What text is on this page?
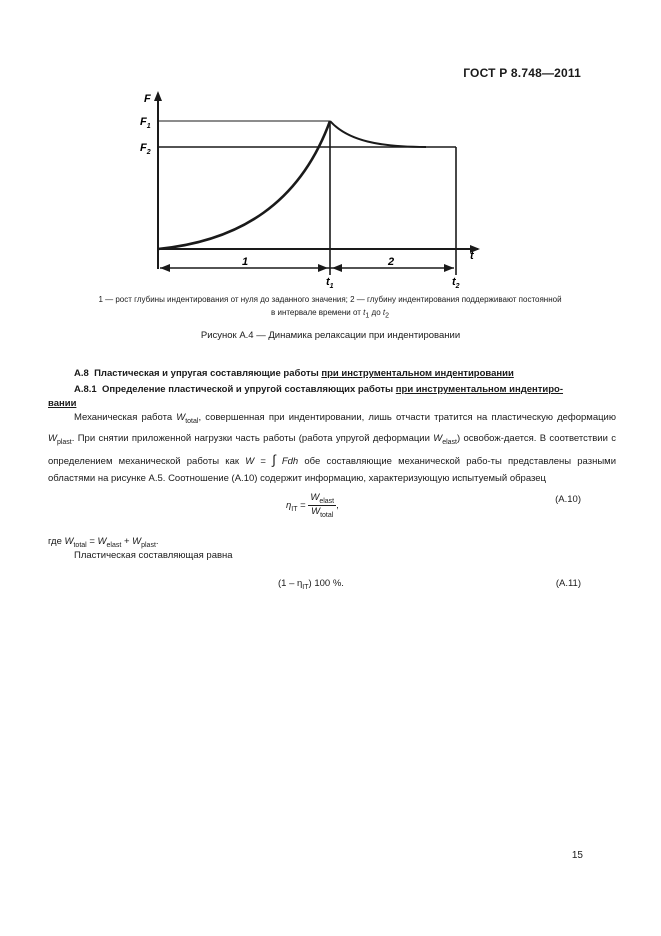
ГОСТ Р 8.748—2011
F
$F_1$
$F_2$
t
1	2
$t_1$	$t_2$
1 — рост глубины индентирования от нуля до заданного значения; 2 — глубину индентирования поддерживают постоянной
в интервале времени от $t_1$ до $t_2$
Рисунок А.4 — Динамика релаксации при индентировании
А.8 Пластическая и упругая составляющие работы при инструментальном индентировании
А.8.1 Определение пластической и упругой составляющих работы при инструментальном индентиро-
вании
Механическая работа $W_{total}$, совершенная при индентировании, лишь отчасти тратится на пластическую деформацию $W_{plast}$. При снятии приложенной нагрузки часть работы (работа упругой деформации $W_{elast}$) освобож-дается. В соответствии с определением механической работы как W = ∫ Fdh обе составляющие механической рабо-ты представлены разными областями на рисунке А.5. Соотношение (А.10) содержит информацию, характеризующую испытуемый образец
$\eta_{IT} = \frac{W_{elast}}{W_{total}}$ ,
(А.10)
где $W_{total} = W_{elast} + W_{plast}$.
Пластическая составляющая равна
$(1 - \eta_{IT})$ 100 %.	(А.11)
15
